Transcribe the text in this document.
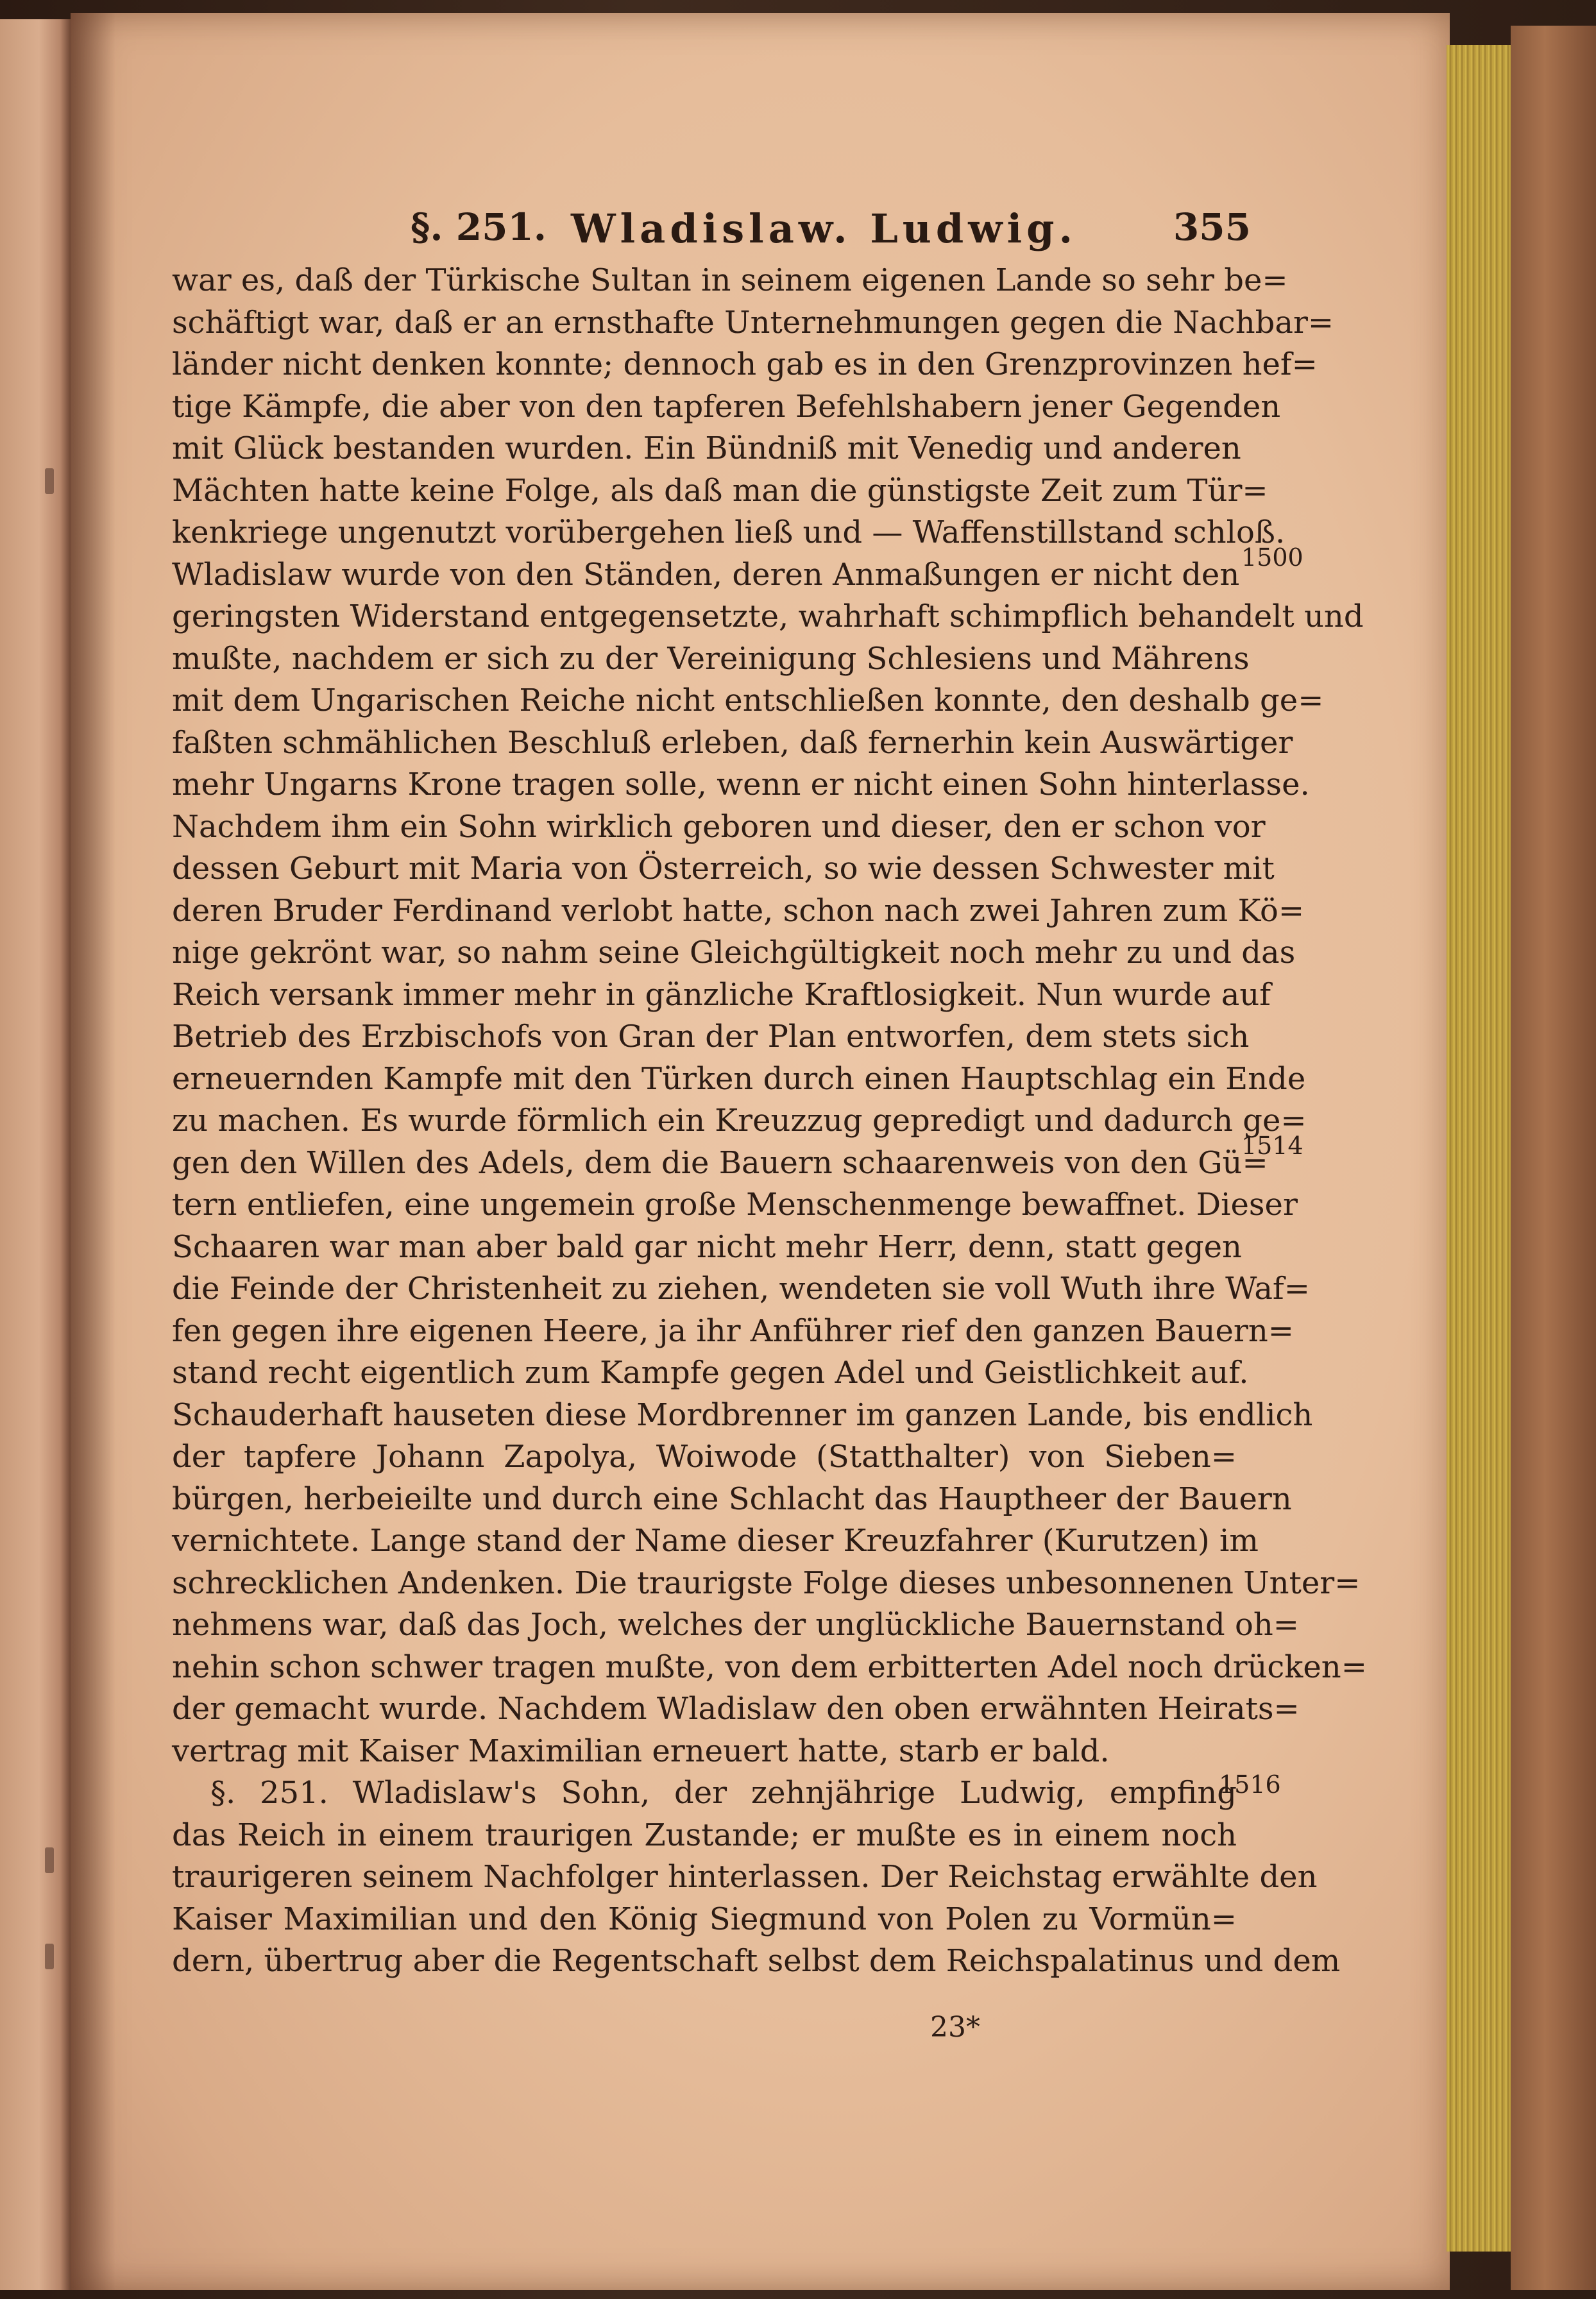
§. 251. Wladislaw. Ludwig.	355
war es, daß der Türkische Sultan in seinem eigenen Lande so sehr be=
schäftigt war, daß er an ernsthafte Unternehmungen gegen die Nachbar=
länder nicht denken konnte; dennoch gab es in den Grenzprovinzen hef=
tige Kämpfe, die aber von den tapferen Befehlshabern jener Gegenden
mit Glück bestanden wurden. Ein Bündniß mit Venedig und anderen
Mächten hatte keine Folge, als daß man die günstigste Zeit zum Tür=
kenkriege ungenutzt vorübergehen ließ und — Waffenstillstand schloß.
Wladislaw wurde von den Ständen, deren Anmaßungen er nicht den
geringsten Widerstand entgegensetzte, wahrhaft schimpflich behandelt und
mußte, nachdem er sich zu der Vereinigung Schlesiens und Mährens
mit dem Ungarischen Reiche nicht entschließen konnte, den deshalb ge=
faßten schmählichen Beschluß erleben, daß fernerhin kein Auswärtiger
mehr Ungarns Krone tragen solle, wenn er nicht einen Sohn hinterlasse.
Nachdem ihm ein Sohn wirklich geboren und dieser, den er schon vor
dessen Geburt mit Maria von Österreich, so wie dessen Schwester mit
deren Bruder Ferdinand verlobt hatte, schon nach zwei Jahren zum Kö=
nige gekrönt war, so nahm seine Gleichgültigkeit noch mehr zu und das
Reich versank immer mehr in gänzliche Kraftlosigkeit. Nun wurde auf
Betrieb des Erzbischofs von Gran der Plan entworfen, dem stets sich
erneuernden Kampfe mit den Türken durch einen Hauptschlag ein Ende
zu machen. Es wurde förmlich ein Kreuzzug gepredigt und dadurch ge=
gen den Willen des Adels, dem die Bauern schaarenweis von den Gü=
tern entliefen, eine ungemein große Menschenmenge bewaffnet. Dieser
Schaaren war man aber bald gar nicht mehr Herr, denn, statt gegen
die Feinde der Christenheit zu ziehen, wendeten sie voll Wuth ihre Waf=
fen gegen ihre eigenen Heere, ja ihr Anführer rief den ganzen Bauern=
stand recht eigentlich zum Kampfe gegen Adel und Geistlichkeit auf.
Schauderhaft hauseten diese Mordbrenner im ganzen Lande, bis endlich
der tapfere Johann Zapolya, Woiwode (Statthalter) von Sieben=
bürgen, herbeieilte und durch eine Schlacht das Hauptheer der Bauern
vernichtete. Lange stand der Name dieser Kreuzfahrer (Kurutzen) im
schrecklichen Andenken. Die traurigste Folge dieses unbesonnenen Unter=
nehmens war, daß das Joch, welches der unglückliche Bauernstand oh=
nehin schon schwer tragen mußte, von dem erbitterten Adel noch drücken=
der gemacht wurde. Nachdem Wladislaw den oben erwähnten Heirats=
vertrag mit Kaiser Maximilian erneuert hatte, starb er bald.
§. 251. Wladislaw's Sohn, der zehnjährige Ludwig, empfing
das Reich in einem traurigen Zustande; er mußte es in einem noch
traurigeren seinem Nachfolger hinterlassen. Der Reichstag erwählte den
Kaiser Maximilian und den König Siegmund von Polen zu Vormün=
dern, übertrug aber die Regentschaft selbst dem Reichspalatinus und dem
1500
1514
1516
23*
